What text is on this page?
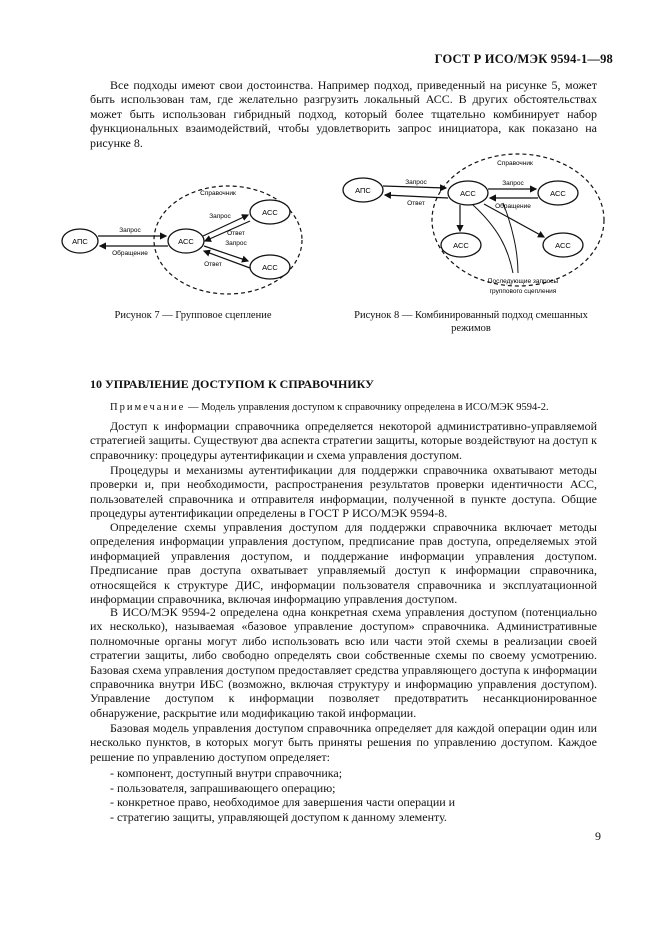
ГОСТ Р ИСО/МЭК 9594-1—98

Все подходы имеют свои достоинства. Например подход, приведенный на рисунке 5, может быть использован там, где желательно разгрузить локальный АСС. В других обстоятельствах может быть использован гибридный подход, который более тщательно комбинирует набор функциональных взаимодействий, чтобы удовлетворить запрос инициатора, как показано на рисунке 8.

АПС	АСС
АСС
АСС
Справочник
Запрос
Обращение
Запрос
Ответ
Запрос
Ответ
АПС	АСС	АСС
АСС	АСС
Справочник
Запрос
Ответ
Запрос
Обращение
Последующие запросы
группового сцепления
Рисунок 7 — Групповое сцепление	Рисунок 8 — Комбинированный подход смешанных режимов
10 УПРАВЛЕНИЕ ДОСТУПОМ К СПРАВОЧНИКУ

Примечание — Модель управления доступом к справочнику определена в ИСО/МЭК 9594-2.

Доступ к информации справочника определяется некоторой административно-управляемой стратегией защиты. Существуют два аспекта стратегии защиты, которые воздействуют на доступ к справочнику: процедуры аутентификации и схема управления доступом.

Процедуры и механизмы аутентификации для поддержки справочника охватывают методы проверки и, при необходимости, распространения результатов проверки идентичности АСС, пользователей справочника и отправителя информации, полученной в пункте доступа. Общие процедуры аутентификации определены в ГОСТ Р ИСО/МЭК 9594-8.

Определение схемы управления доступом для поддержки справочника включает методы определения информации управления доступом, предписание прав доступа, определяемых этой информацией управления доступом, и поддержание информации управления доступом. Предписание прав доступа охватывает управляемый доступ к информации справочника, относящейся к структуре ДИС, информации пользователя справочника и эксплуатационной информации справочника, включая информацию управления доступом.

В ИСО/МЭК 9594-2 определена одна конкретная схема управления доступом (потенциально их несколько), называемая «базовое управление доступом» справочника. Административные полномочные органы могут либо использовать всю или части этой схемы в реализации своей стратегии защиты, либо свободно определять свои собственные схемы по своему усмотрению. Базовая схема управления доступом предоставляет средства управляющего доступа к информации справочника внутри ИБС (возможно, включая структуру и информацию управления доступом). Управление доступом к информации позволяет предотвратить несанкционированное обнаружение, раскрытие или модификацию такой информации.

Базовая модель управления доступом справочника определяет для каждой операции один или несколько пунктов, в которых могут быть приняты решения по управлению доступом. Каждое решение по управлению доступом определяет:

- компонент, доступный внутри справочника;
- пользователя, запрашивающего операцию;
- конкретное право, необходимое для завершения части операции и
- стратегию защиты, управляющей доступом к данному элементу.
9
